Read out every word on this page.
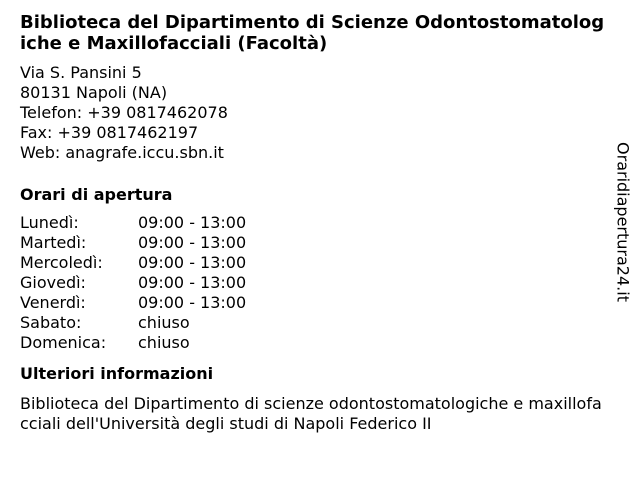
Biblioteca del Dipartimento di Scienze Odontostomatologiche e Maxillofacciali (Facoltà)
Via S. Pansini 5
80131 Napoli (NA)
Telefon: +39 0817462078
Fax: +39 0817462197
Web: anagrafe.iccu.sbn.it
Orari di apertura
Lunedì:	09:00 - 13:00
Martedì:	09:00 - 13:00
Mercoledì:	09:00 - 13:00
Giovedì:	09:00 - 13:00
Venerdì:	09:00 - 13:00
Sabato:	chiuso
Domenica:	chiuso
Ulteriori informazioni
Biblioteca del Dipartimento di scienze odontostomatologiche e maxillofacciali dell'Università degli studi di Napoli Federico II
Oraridiapertura24.it
